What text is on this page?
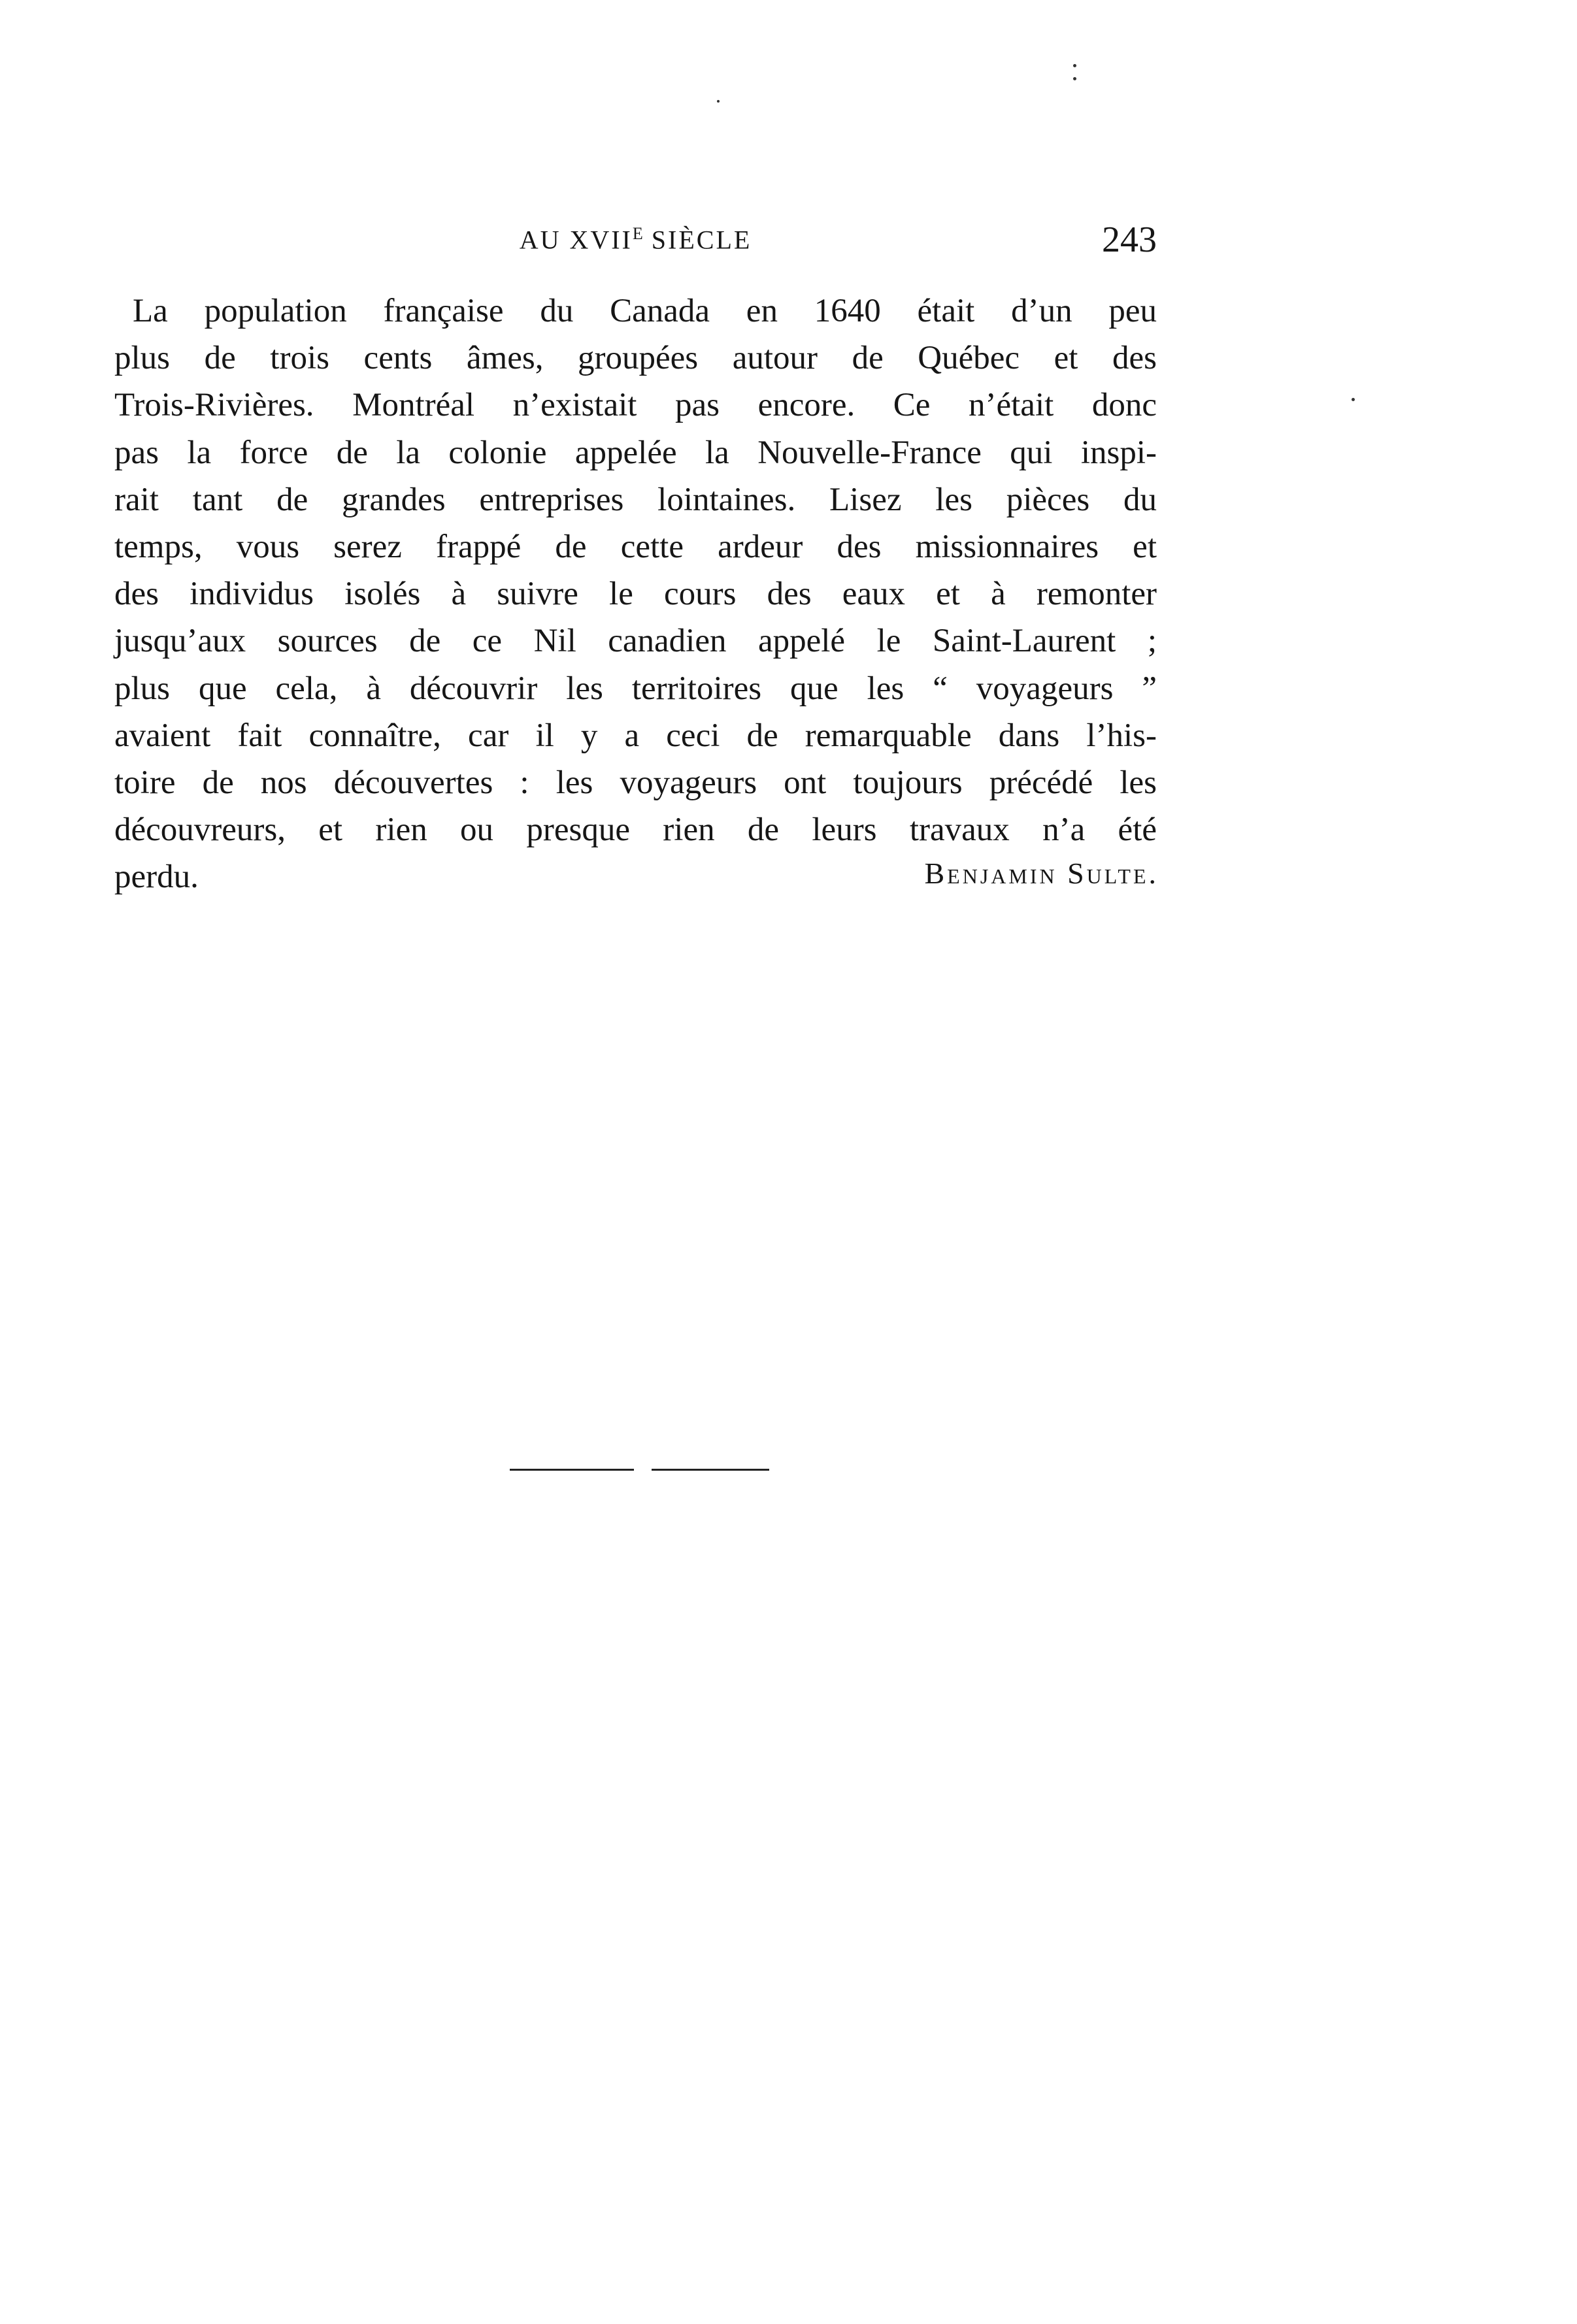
AU $XVII^E$ SIÈCLE	243
La population française du Canada en 1640 était d’un peu
plus de trois cents âmes, groupées autour de Québec et des
Trois-Rivières. Montréal n’existait pas encore. Ce n’était donc
pas la force de la colonie appelée la Nouvelle-France qui inspi-
rait tant de grandes entreprises lointaines. Lisez les pièces du
temps, vous serez frappé de cette ardeur des missionnaires et
des individus isolés à suivre le cours des eaux et à remonter
jusqu’aux sources de ce Nil canadien appelé le Saint-Laurent ;
plus que cela, à découvrir les territoires que les “ voyageurs ”
avaient fait connaître, car il y a ceci de remarquable dans l’his-
toire de nos découvertes : les voyageurs ont toujours précédé les
découvreurs, et rien ou presque rien de leurs travaux n’a été
perdu.	Benjamin Sulte.
